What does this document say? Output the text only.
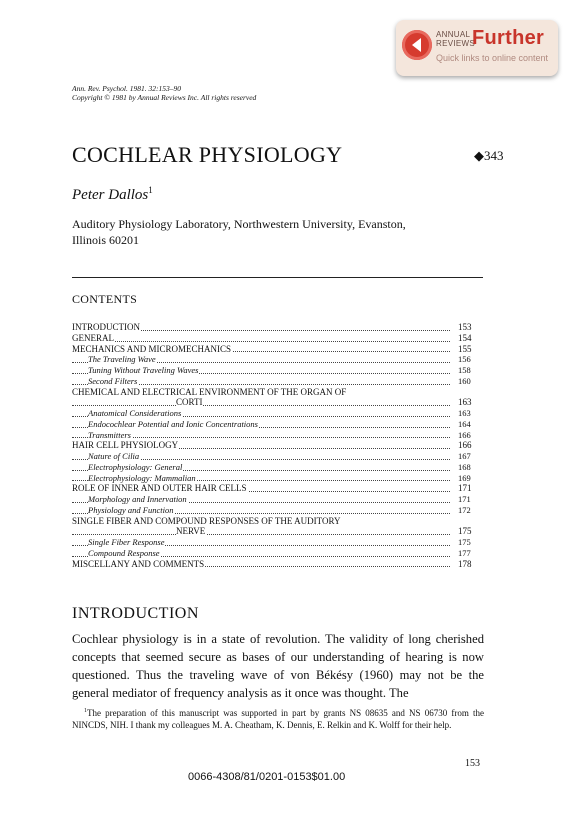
ANNUAL
REVIEWS
Further
Quick links to online content
Ann. Rev. Psychol. 1981. 32:153–90
Copyright © 1981 by Annual Reviews Inc. All rights reserved
COCHLEAR PHYSIOLOGY	◆343
Peter Dallos$^1$
Auditory Physiology Laboratory, Northwestern University, Evanston,
Illinois 60201
CONTENTS
INTRODUCTION	153
GENERAL	154
MECHANICS AND MICROMECHANICS	155
The Traveling Wave	156
Tuning Without Traveling Waves	158
Second Filters	160
CHEMICAL AND ELECTRICAL ENVIRONMENT OF THE ORGAN OF
CORTI	163
Anatomical Considerations	163
Endocochlear Potential and Ionic Concentrations	164
Transmitters	166
HAIR CELL PHYSIOLOGY	166
Nature of Cilia	167
Electrophysiology: General	168
Electrophysiology: Mammalian	169
ROLE OF INNER AND OUTER HAIR CELLS	171
Morphology and Innervation	171
Physiology and Function	172
SINGLE FIBER AND COMPOUND RESPONSES OF THE AUDITORY
NERVE	175
Single Fiber Response	175
Compound Response	177
MISCELLANY AND COMMENTS	178
INTRODUCTION
Cochlear physiology is in a state of revolution. The validity of long cherished concepts that seemed secure as bases of our understanding of hearing is now questioned. Thus the traveling wave of von Békésy (1960) may not be the general mediator of frequency analysis as it once was thought. The
$^1$The preparation of this manuscript was supported in part by grants NS 08635 and NS 06730 from the NINCDS, NIH. I thank my colleagues M. A. Cheatham, K. Dennis, E. Relkin and K. Wolff for their help.
153
0066-4308/81/0201-0153$01.00
